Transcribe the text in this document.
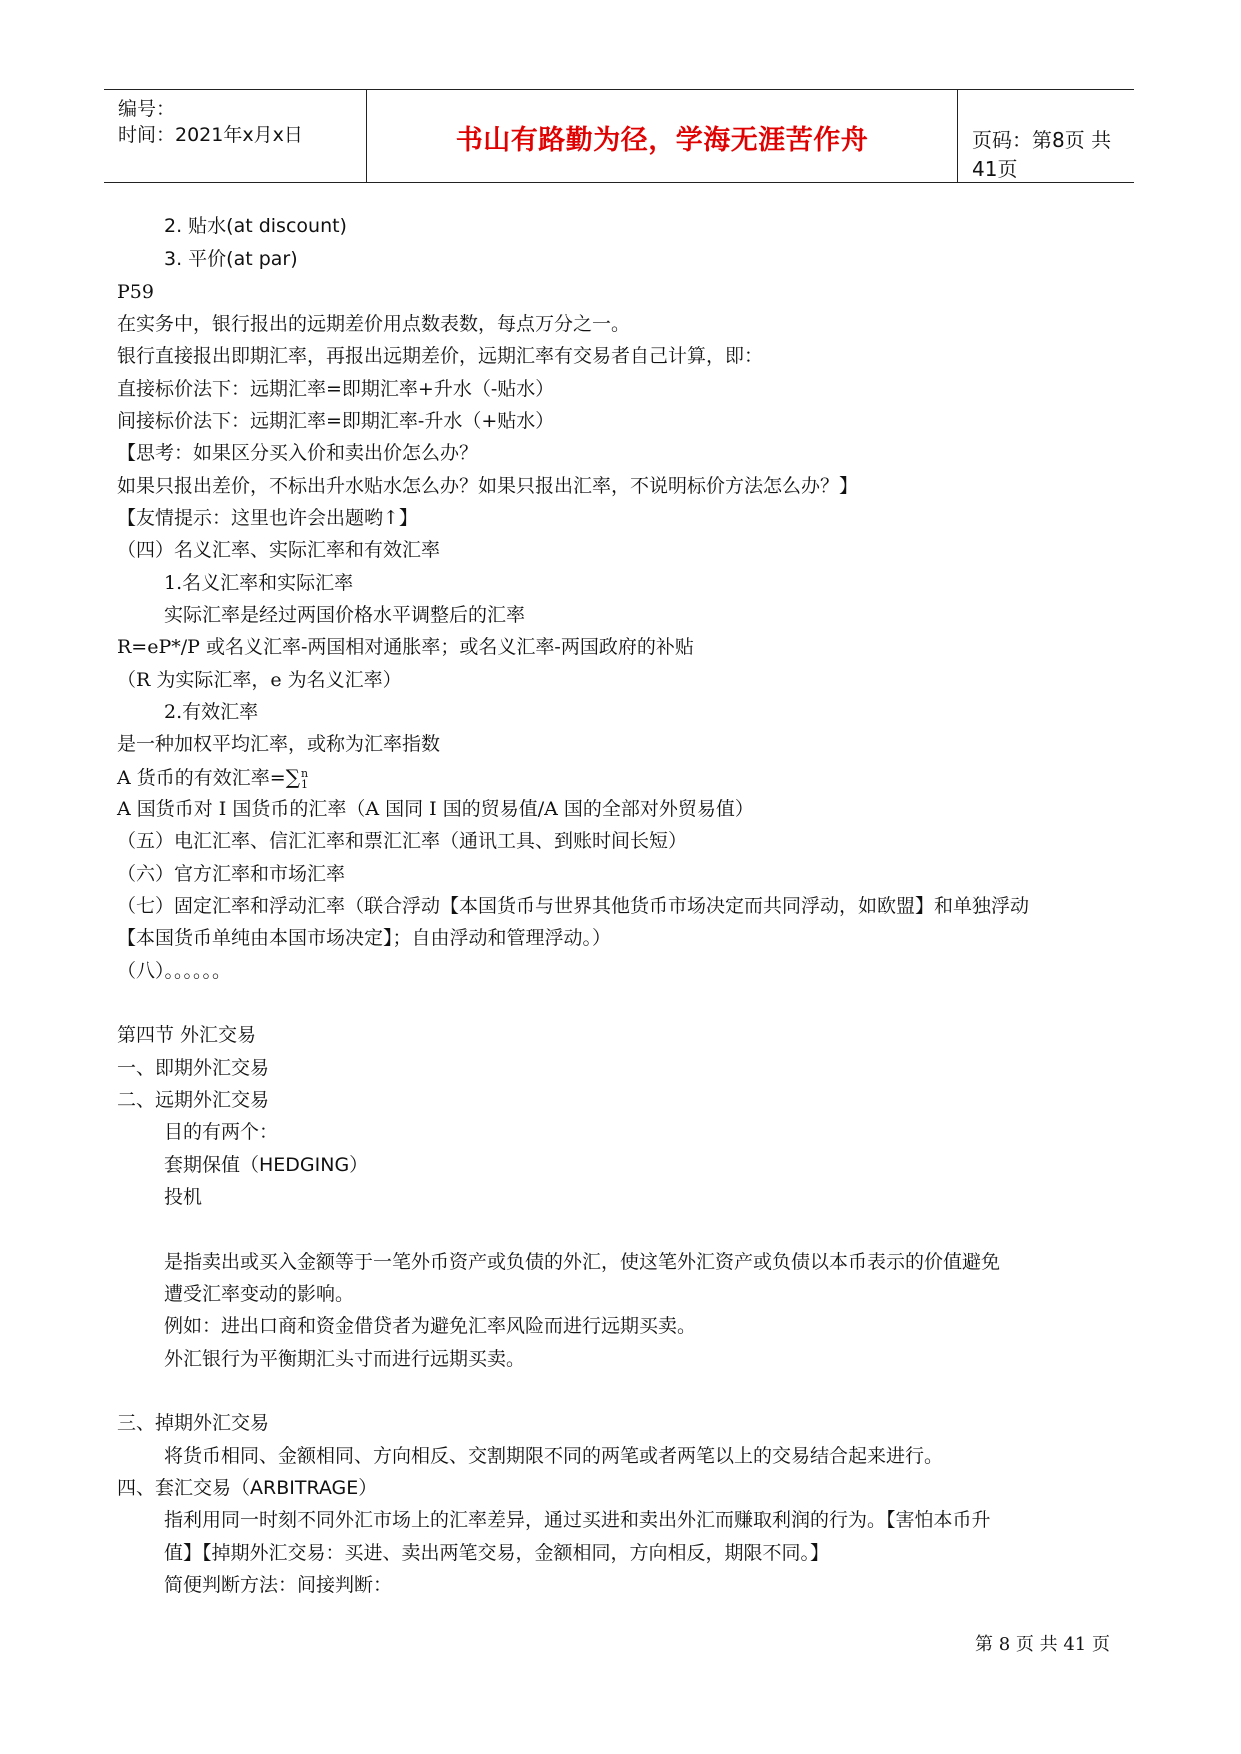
编号：
时间：2021年x月x日	书山有路勤为径，学海无涯苦作舟	页码：第8页 共41页
2. 贴水(at discount)
3. 平价(at par)
P59
在实务中，银行报出的远期差价用点数表数，每点万分之一。
银行直接报出即期汇率，再报出远期差价，远期汇率有交易者自己计算，即：
直接标价法下：远期汇率=即期汇率+升水（-贴水）
间接标价法下：远期汇率=即期汇率-升水（+贴水）
【思考：如果区分买入价和卖出价怎么办？
如果只报出差价，不标出升水贴水怎么办？如果只报出汇率，不说明标价方法怎么办？】
【友情提示：这里也许会出题哟↑】
（四）名义汇率、实际汇率和有效汇率
1.名义汇率和实际汇率
实际汇率是经过两国价格水平调整后的汇率
R=eP*/P 或名义汇率-两国相对通胀率；或名义汇率-两国政府的补贴
（R 为实际汇率，e 为名义汇率）
2.有效汇率
是一种加权平均汇率，或称为汇率指数
A 国货币对 I 国货币的汇率（A 国同 I 国的贸易值/A 国的全部对外贸易值）
（五）电汇汇率、信汇汇率和票汇汇率（通讯工具、到账时间长短）
（六）官方汇率和市场汇率
（七）固定汇率和浮动汇率（联合浮动【本国货币与世界其他货币市场决定而共同浮动，如欧盟】和单独浮动
【本国货币单纯由本国市场决定】；自由浮动和管理浮动。）
（八）。。。。。。
第四节 外汇交易
一、即期外汇交易
二、远期外汇交易
目的有两个：
套期保值（HEDGING）
投机
是指卖出或买入金额等于一笔外币资产或负债的外汇，使这笔外汇资产或负债以本币表示的价值避免
遭受汇率变动的影响。
例如：进出口商和资金借贷者为避免汇率风险而进行远期买卖。
外汇银行为平衡期汇头寸而进行远期买卖。
三、掉期外汇交易
将货币相同、金额相同、方向相反、交割期限不同的两笔或者两笔以上的交易结合起来进行。
四、套汇交易（ARBITRAGE）
指利用同一时刻不同外汇市场上的汇率差异，通过买进和卖出外汇而赚取利润的行为。【害怕本币升
值】【掉期外汇交易：买进、卖出两笔交易，金额相同，方向相反，期限不同。】
简便判断方法：间接判断：
A 货币的有效汇率=∑ n
1
第 8 页 共 41 页
